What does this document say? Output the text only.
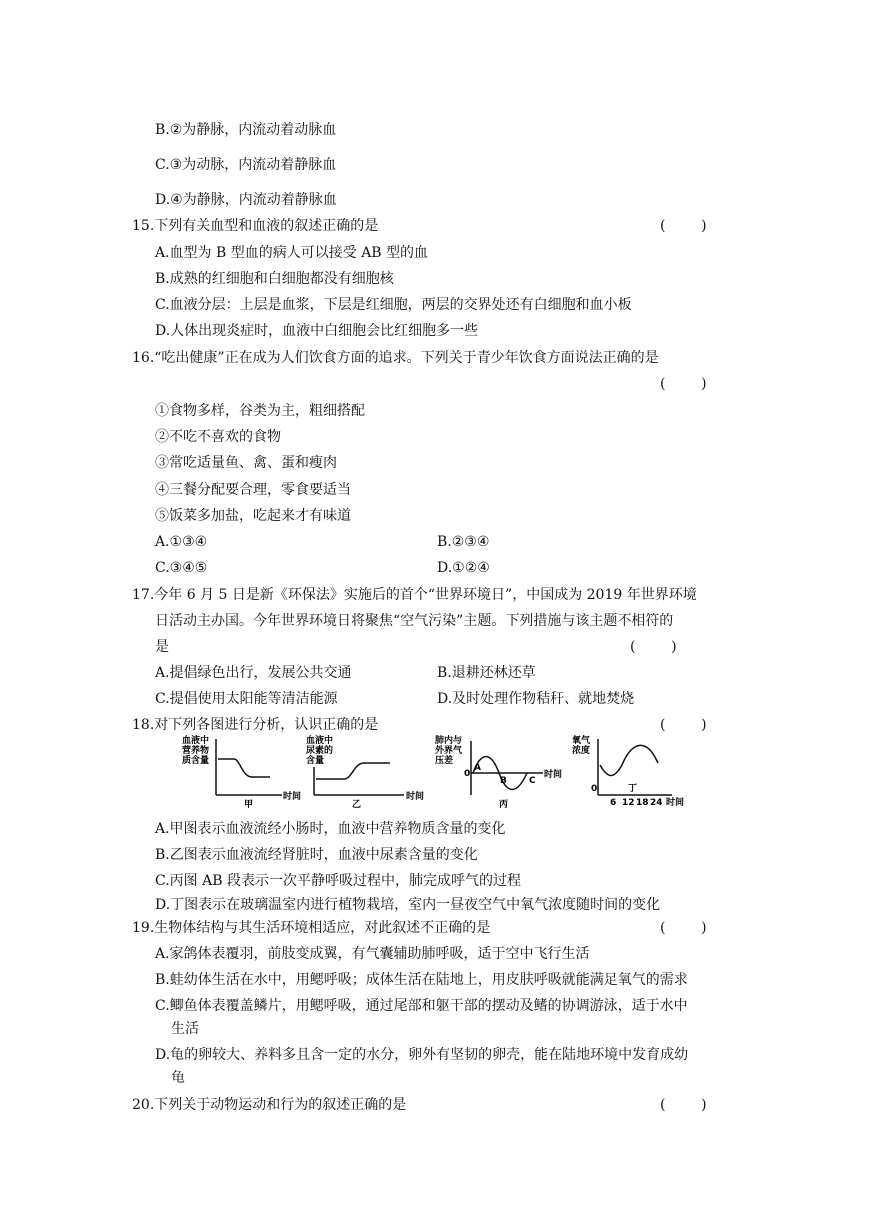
B.②为静脉，内流动着动脉血
C.③为动脉，内流动着静脉血
D.④为静脉，内流动着静脉血
15.下列有关血型和血液的叙述正确的是	(        )
A.血型为 B 型血的病人可以接受 AB 型的血
B.成熟的红细胞和白细胞都没有细胞核
C.血液分层：上层是血浆，下层是红细胞，两层的交界处还有白细胞和血小板
D.人体出现炎症时，血液中白细胞会比红细胞多一些
16.“吃出健康”正在成为人们饮食方面的追求。下列关于青少年饮食方面说法正确的是
(        )
①食物多样，谷类为主，粗细搭配
②不吃不喜欢的食物
③常吃适量鱼、禽、蛋和瘦肉
④三餐分配要合理，零食要适当
⑤饭菜多加盐，吃起来才有味道
A.①③④	B.②③④
C.③④⑤	D.①②④
17.今年 6 月 5 日是新《环保法》实施后的首个“世界环境日”，中国成为 2019 年世界环境
日活动主办国。今年世界环境日将聚焦“空气污染”主题。下列措施与该主题不相符的
是	(        )
A.提倡绿色出行，发展公共交通	B.退耕还林还草
C.提倡使用太阳能等清洁能源	D.及时处理作物秸秆、就地焚烧
18.对下列各图进行分析，认识正确的是	(        )
血液中
营养物
质含量
时间
甲
血液中
尿素的
含量
时间
乙
肺内与
外界气
压差
0
A
B C
时间
丙
氧气
浓度
0
6 12 18 24 时间
丁
A.甲图表示血液流经小肠时，血液中营养物质含量的变化
B.乙图表示血液流经肾脏时，血液中尿素含量的变化
C.丙图 AB 段表示一次平静呼吸过程中，肺完成呼气的过程
D.丁图表示在玻璃温室内进行植物栽培，室内一昼夜空气中氧气浓度随时间的变化
19.生物体结构与其生活环境相适应，对此叙述不正确的是	(        )
A.家鸽体表覆羽，前肢变成翼，有气囊辅助肺呼吸，适于空中飞行生活
B.蛙幼体生活在水中，用鳃呼吸；成体生活在陆地上，用皮肤呼吸就能满足氧气的需求
C.鲫鱼体表覆盖鳞片，用鳃呼吸，通过尾部和躯干部的摆动及鳍的协调游泳，适于水中
生活
D.龟的卵较大、养料多且含一定的水分，卵外有坚韧的卵壳，能在陆地环境中发育成幼
龟
20.下列关于动物运动和行为的叙述正确的是	(        )
